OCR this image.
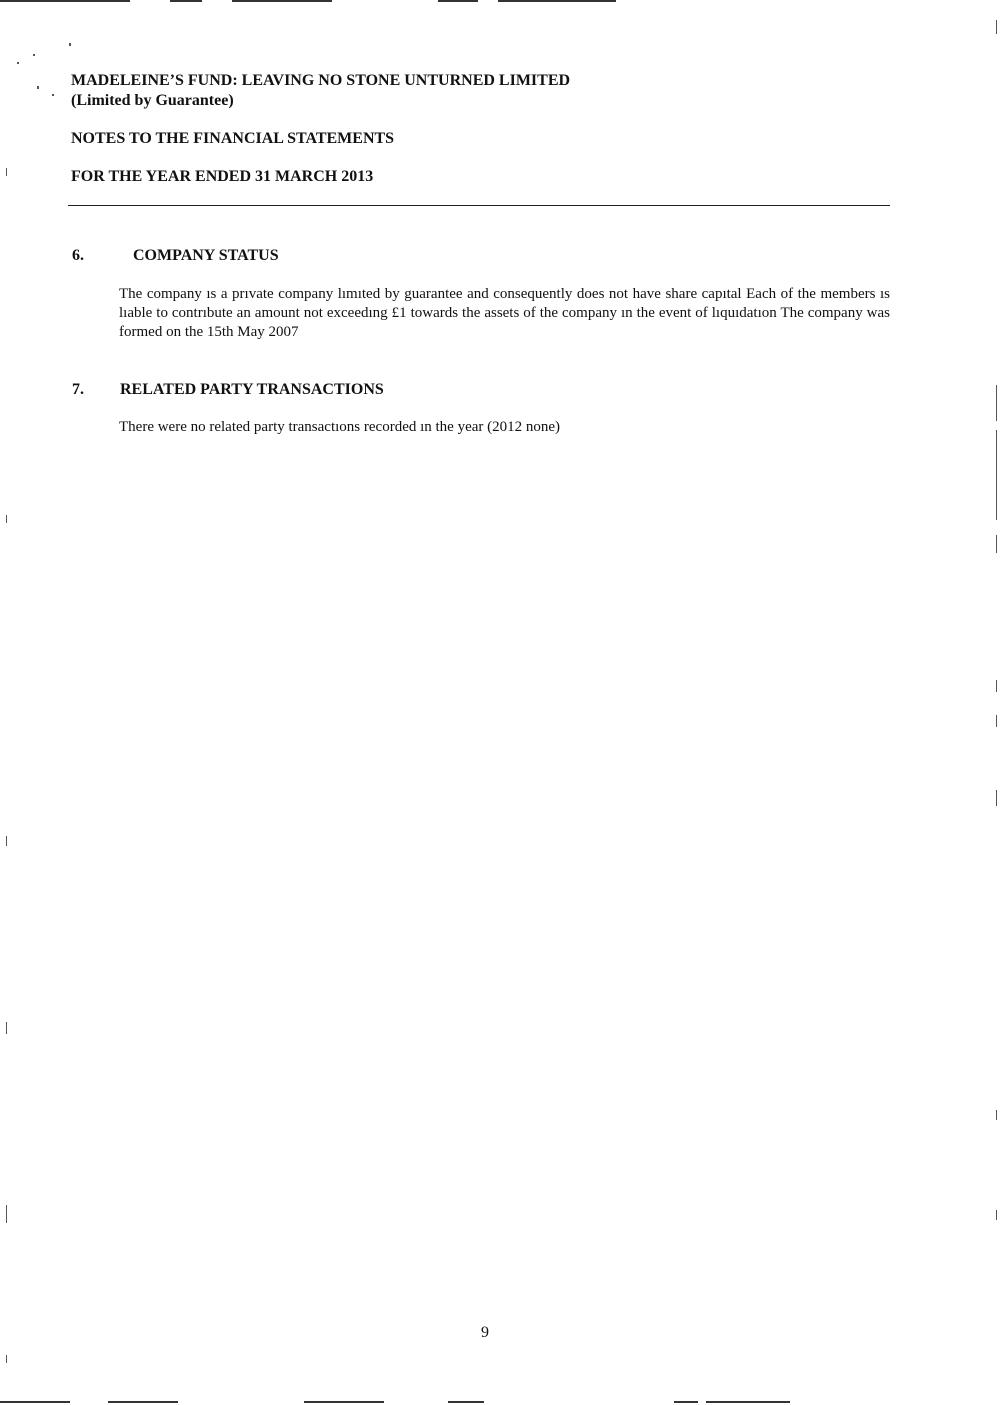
MADELEINE’S FUND: LEAVING NO STONE UNTURNED LIMITED
(Limited by Guarantee)
NOTES TO THE FINANCIAL STATEMENTS
FOR THE YEAR ENDED 31 MARCH 2013
6.	COMPANY STATUS
The company ıs a prıvate company lımıted by guarantee and consequently does not have share capıtal Each of the members ıs lıable to contrıbute an amount not exceedıng £1 towards the assets of the company ın the event of lıquıdatıon The company was formed on the 15th May 2007
7. RELATED PARTY TRANSACTIONS
There were no related party transactıons recorded ın the year (2012 none)
9
